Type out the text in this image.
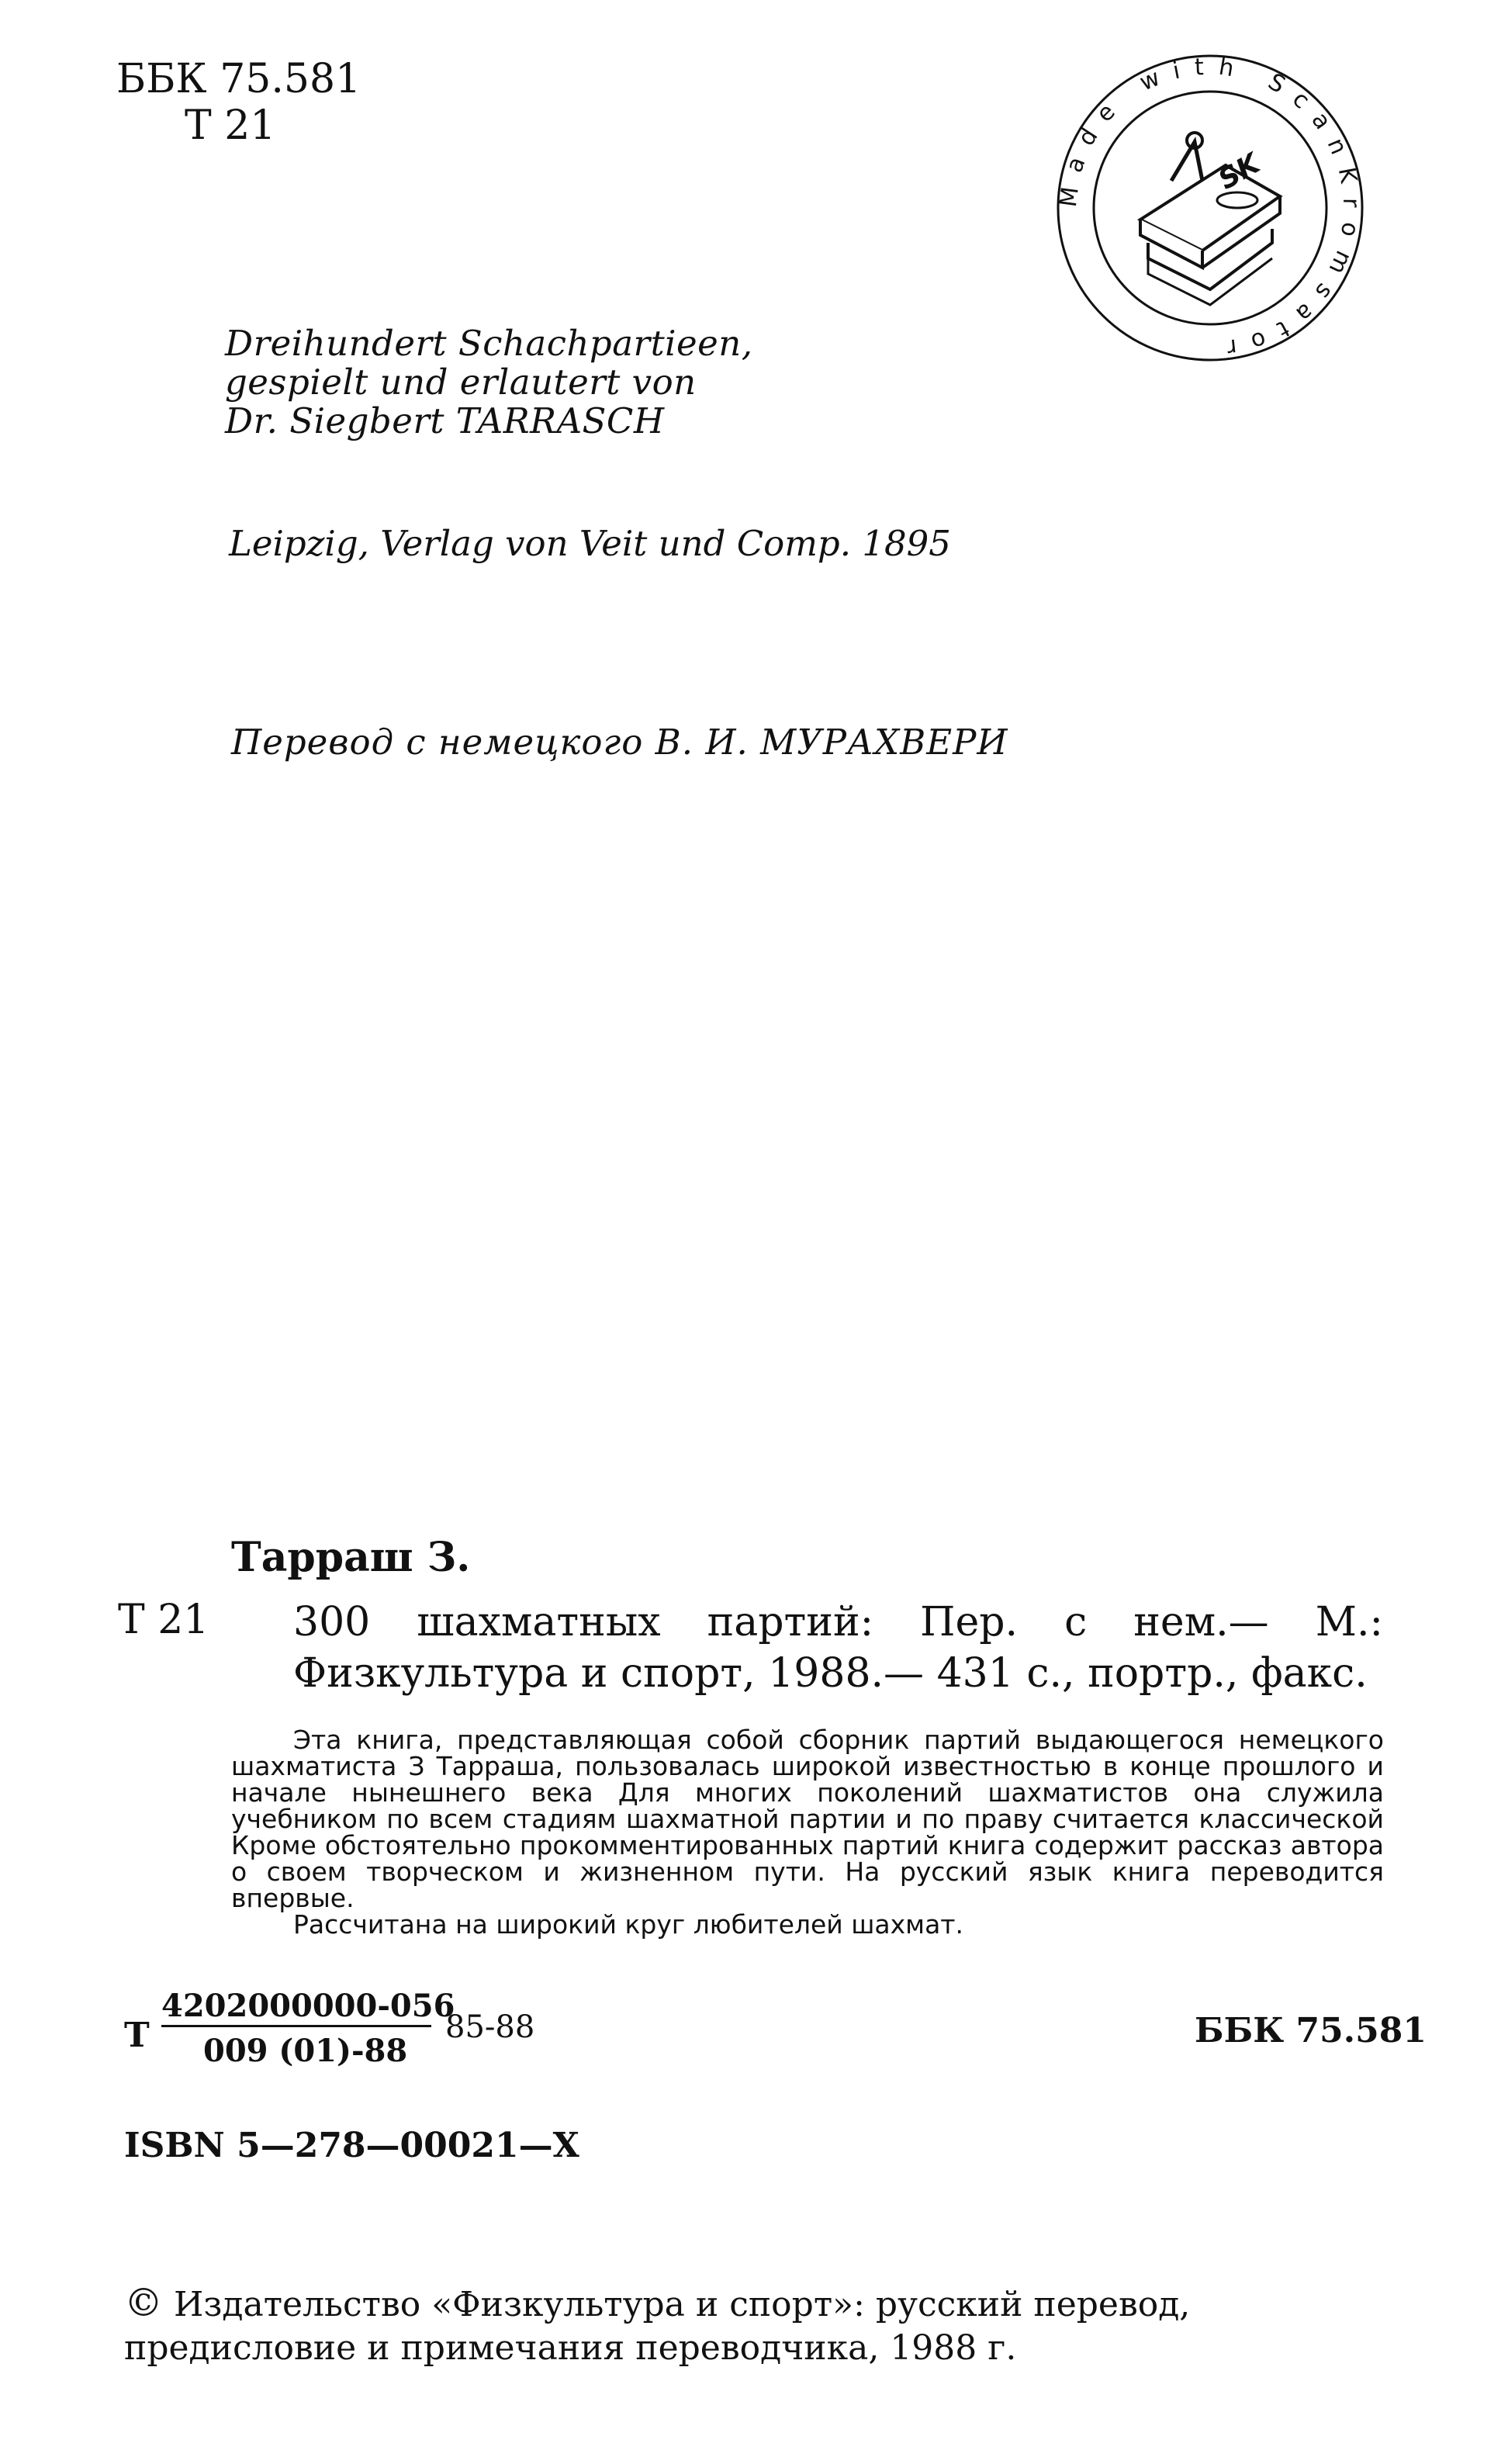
ББК 75.581
Т 21
Dreihundert Schachpartieen,
gespielt und erlautert von
Dr. Siegbert TARRASCH
Leipzig, Verlag von Veit und Comp. 1895
Перевод с немецкого В. И. МУРАХВЕРИ
Made with ScanKromsator
SK
Тарраш З.
Т 21 300 шахматных партий: Пер. с нем.— М.: Физкультура и спорт, 1988.— 431 с., портр., факс.

Эта книга, представляющая собой сборник партий выдающегося немецкого шахматиста З Тарраша, пользовалась широкой известностью в конце прошлого и начале нынешнего века Для многих поколений шахматистов она служила учебником по всем стадиям шахматной партии и по праву считается классической Кроме обстоятельно прокомментированных партий книга содержит рассказ автора о своем творческом и жизненном пути. На русский язык книга переводится впервые.

Рассчитана на широкий круг любителей шахмат.

Т
4202000000-056
009 (01)-88
85-88	ББК 75.581
ISBN 5—278—00021—X
© Издательство «Физкультура и спорт»: русский перевод, предисловие и примечания переводчика, 1988 г.
